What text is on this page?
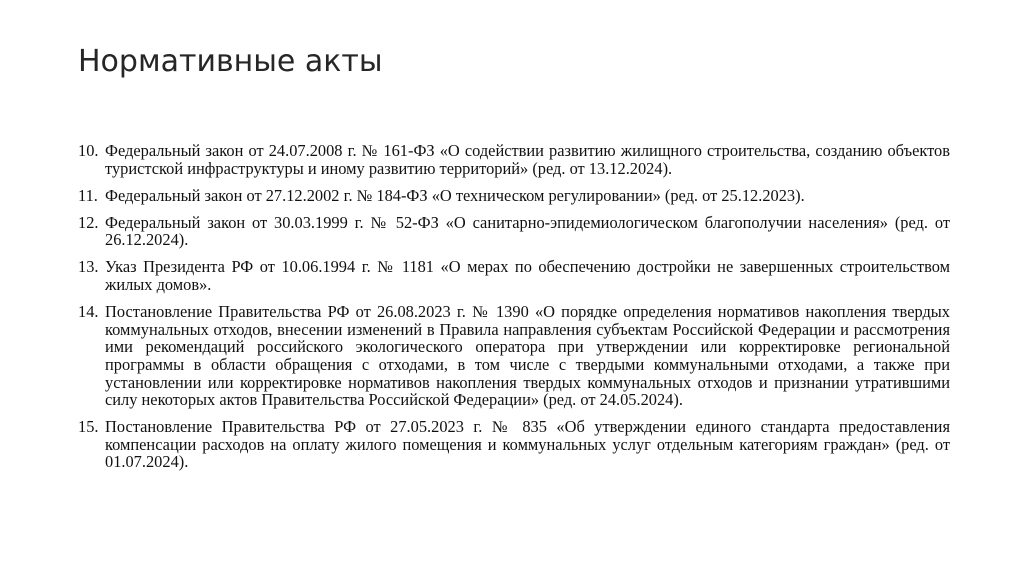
Нормативные акты
10. Федеральный закон от 24.07.2008 г. № 161-ФЗ «О содействии развитию жилищного строительства, созданию объектов туристской инфраструктуры и иному развитию территорий» (ред. от 13.12.2024).
11. Федеральный закон от 27.12.2002 г. № 184-ФЗ «О техническом регулировании» (ред. от 25.12.2023).
12. Федеральный закон от 30.03.1999 г. № 52-ФЗ «О санитарно-эпидемиологическом благополучии населения» (ред. от 26.12.2024).
13. Указ Президента РФ от 10.06.1994 г. № 1181 «О мерах по обеспечению достройки не завершенных строительством жилых домов».
14. Постановление Правительства РФ от 26.08.2023 г. № 1390 «О порядке определения нормативов накопления твердых коммунальных отходов, внесении изменений в Правила направления субъектам Российской Федерации и рассмотрения ими рекомендаций российского экологического оператора при утверждении или корректировке региональной программы в области обращения с отходами, в том числе с твердыми коммунальными отходами, а также при установлении или корректировке нормативов накопления твердых коммунальных отходов и признании утратившими силу некоторых актов Правительства Российской Федерации» (ред. от 24.05.2024).
15. Постановление Правительства РФ от 27.05.2023 г. № 835 «Об утверждении единого стандарта предоставления компенсации расходов на оплату жилого помещения и коммунальных услуг отдельным категориям граждан» (ред. от 01.07.2024).
